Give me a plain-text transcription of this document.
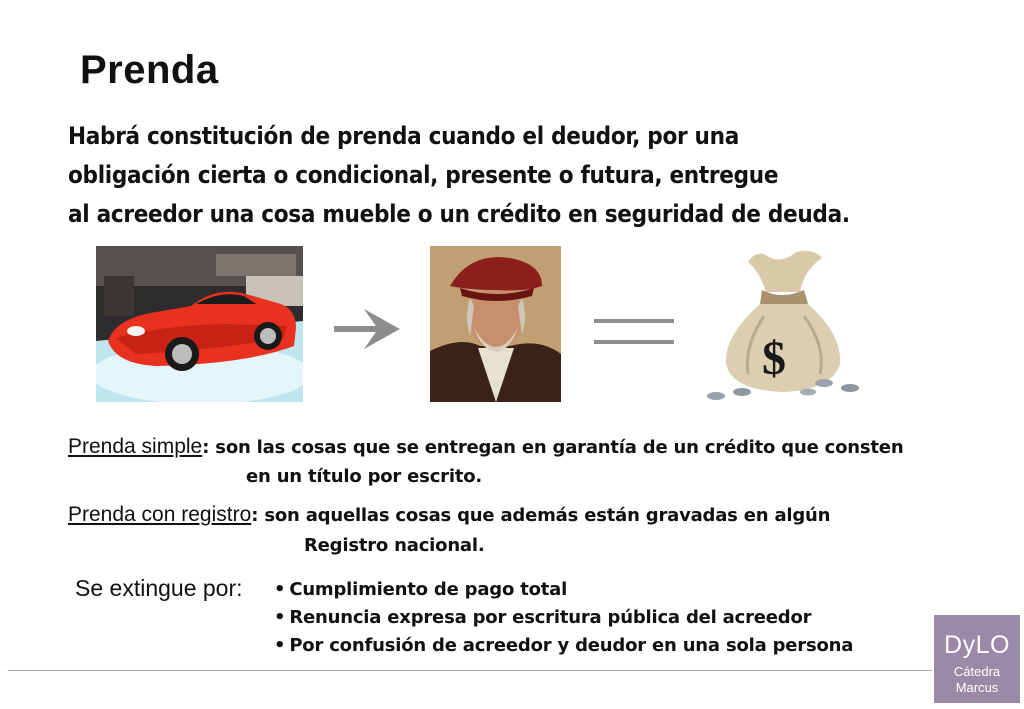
Prenda
Habrá constitución de prenda cuando el deudor, por una
obligación cierta o condicional, presente o futura, entregue
al acreedor una cosa mueble o un crédito en seguridad de deuda.
$
Prenda simple: son las cosas que se entregan en garantía de un crédito que consten
en un título por escrito.
Prenda con registro: son aquellas cosas que además están gravadas en algún
Registro nacional.
Se extingue por:
•	Cumplimiento de pago total
• Renuncia expresa por escritura pública del acreedor
• Por confusión de acreedor y deudor en una sola persona	DyLO
Cátedra
Marcus
